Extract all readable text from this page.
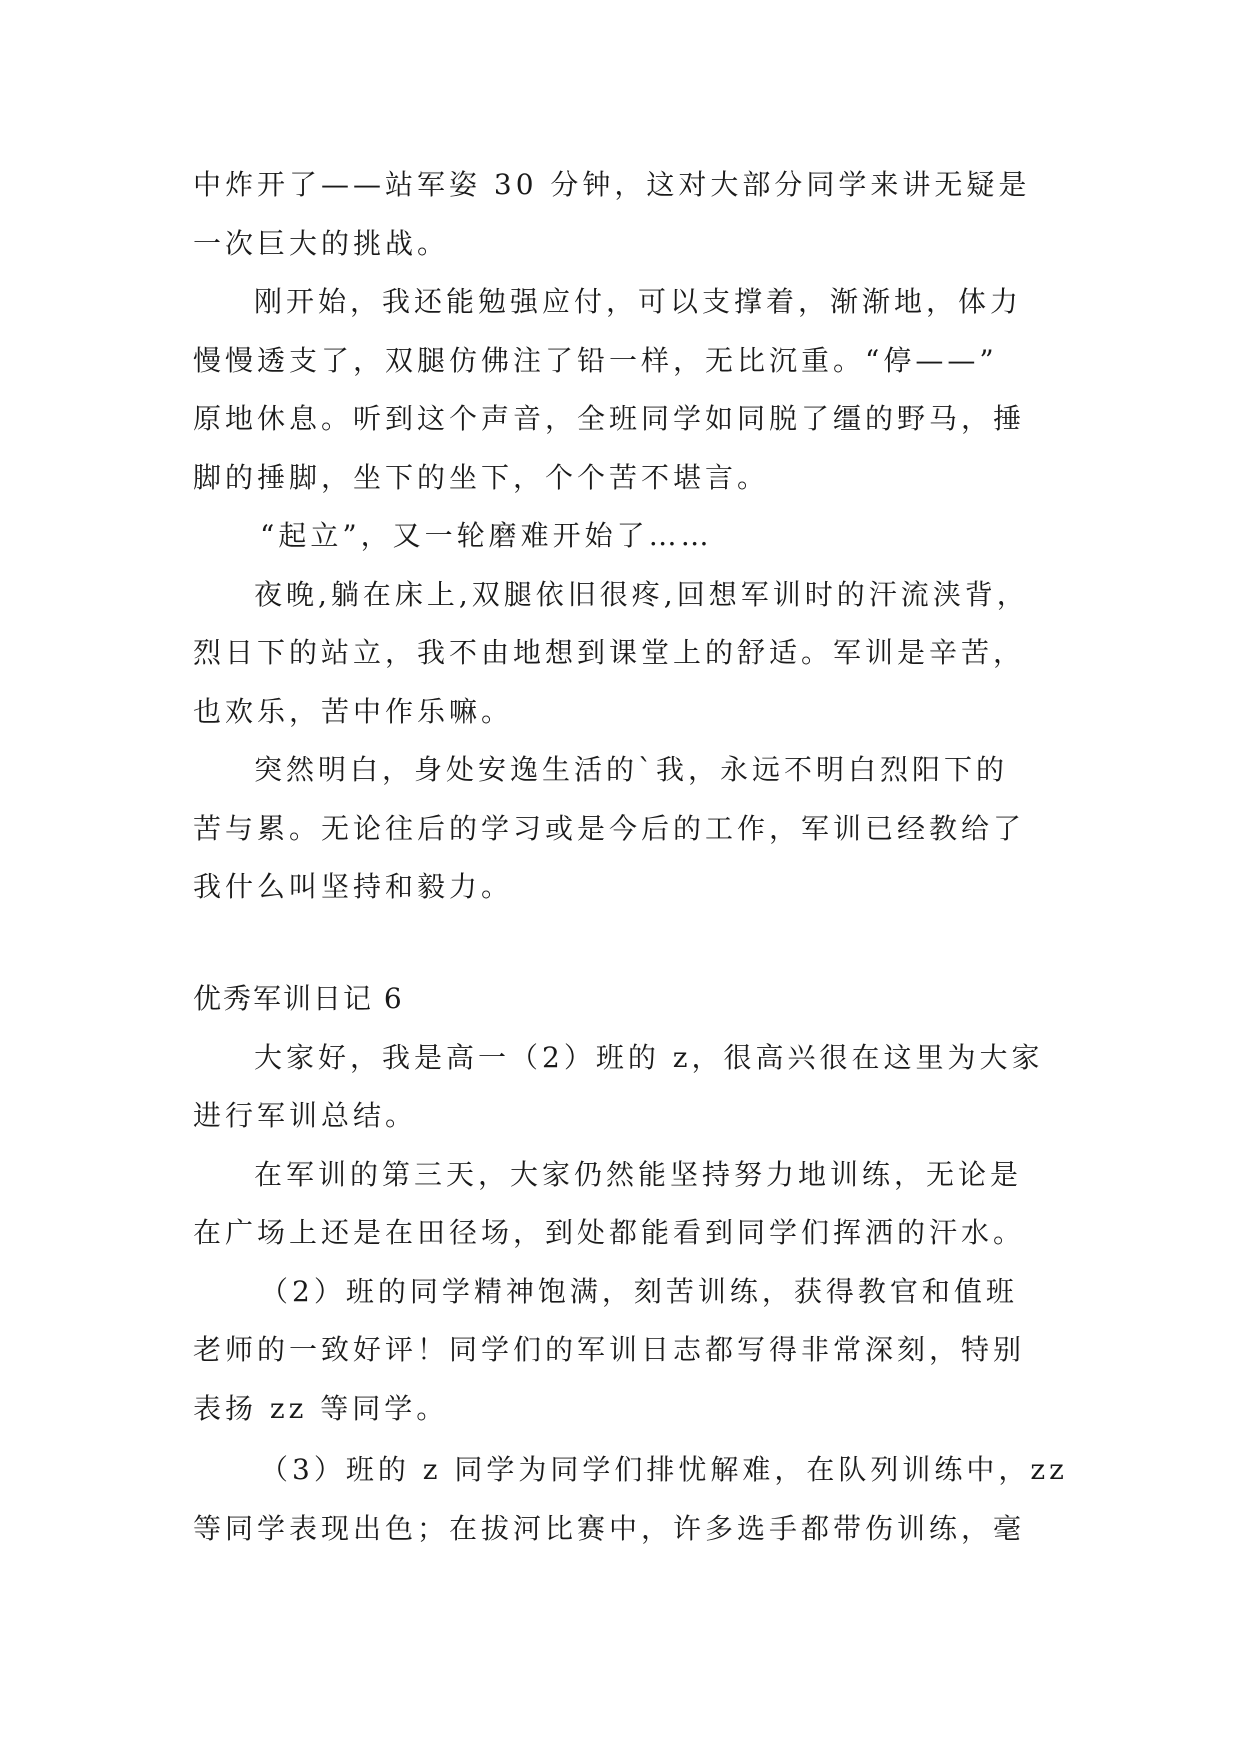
中炸开了——站军姿 30 分钟，这对大部分同学来讲无疑是
一次巨大的挑战。
刚开始，我还能勉强应付，可以支撑着，渐渐地，体力
慢慢透支了，双腿仿佛注了铅一样，无比沉重。“停——”
原地休息。听到这个声音，全班同学如同脱了缰的野马，捶
脚的捶脚，坐下的坐下，个个苦不堪言。
“起立”，又一轮磨难开始了……
夜晚,躺在床上,双腿依旧很疼,回想军训时的汗流浃背，
烈日下的站立，我不由地想到课堂上的舒适。军训是辛苦，
也欢乐，苦中作乐嘛。
突然明白，身处安逸生活的`我，永远不明白烈阳下的
苦与累。无论往后的学习或是今后的工作，军训已经教给了
我什么叫坚持和毅力。
优秀军训日记 6
大家好，我是高一（2）班的 z，很高兴很在这里为大家
进行军训总结。
在军训的第三天，大家仍然能坚持努力地训练，无论是
在广场上还是在田径场，到处都能看到同学们挥洒的汗水。
（2）班的同学精神饱满，刻苦训练，获得教官和值班
老师的一致好评！同学们的军训日志都写得非常深刻，特别
表扬 zz 等同学。
（3）班的 z 同学为同学们排忧解难，在队列训练中，zz
等同学表现出色；在拔河比赛中，许多选手都带伤训练，毫
